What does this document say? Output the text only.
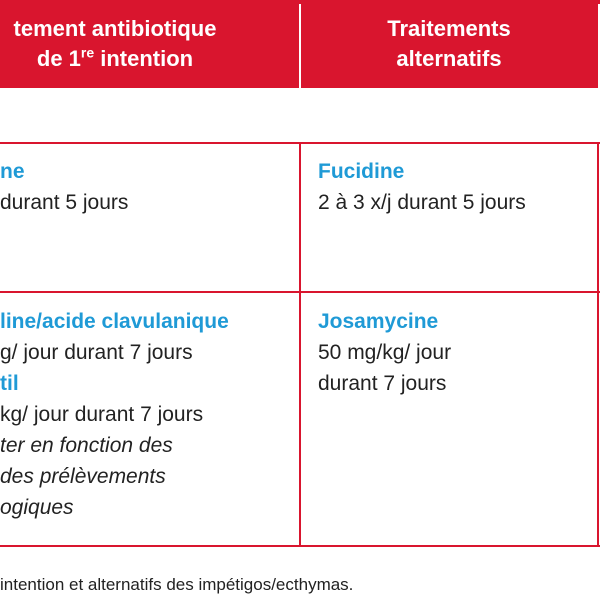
tement antibiotique
de 1re intention
Traitements
alternatifs
ne
durant 5 jours
Fucidine
2 à 3 x/j durant 5 jours
line/acide clavulanique
g/ jour durant 7 jours
til
kg/ jour durant 7 jours
ter en fonction des
des prélèvements
ogiques
Josamycine
50 mg/kg/ jour
durant 7 jours
intention et alternatifs des impétigos/ecthymas.
